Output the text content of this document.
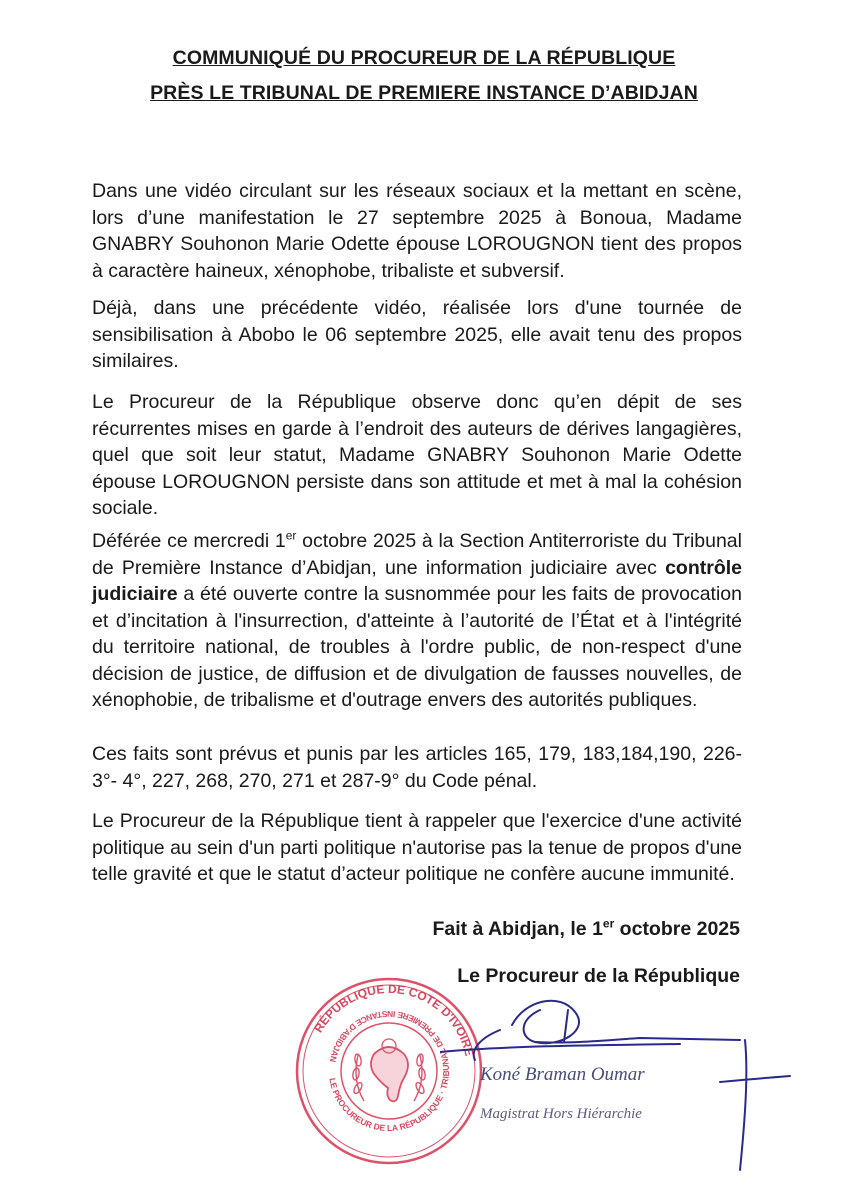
COMMUNIQUÉ DU PROCUREUR DE LA RÉPUBLIQUE
PRÈS LE TRIBUNAL DE PREMIERE INSTANCE D’ABIDJAN

Dans une vidéo circulant sur les réseaux sociaux et la mettant en scène, lors d’une manifestation le 27 septembre 2025 à Bonoua, Madame GNABRY Souhonon Marie Odette épouse LOROUGNON tient des propos à caractère haineux, xénophobe, tribaliste et subversif.

Déjà, dans une précédente vidéo, réalisée lors d'une tournée de sensibilisation à Abobo le 06 septembre 2025, elle avait tenu des propos similaires.

Le Procureur de la République observe donc qu’en dépit de ses récurrentes mises en garde à l’endroit des auteurs de dérives langagières, quel que soit leur statut, Madame GNABRY Souhonon Marie Odette épouse LOROUGNON persiste dans son attitude et met à mal la cohésion sociale.

Déférée ce mercredi 1er octobre 2025 à la Section Antiterroriste du Tribunal de Première Instance d’Abidjan, une information judiciaire avec contrôle judiciaire a été ouverte contre la susnommée pour les faits de provocation et d’incitation à l'insurrection, d'atteinte à l’autorité de l’État et à l'intégrité du territoire national, de troubles à l'ordre public, de non-respect d'une décision de justice, de diffusion et de divulgation de fausses nouvelles, de xénophobie, de tribalisme et d'outrage envers des autorités publiques.

Ces faits sont prévus et punis par les articles 165, 179, 183,184,190, 226-3°- 4°, 227, 268, 270, 271 et 287-9° du Code pénal.

Le Procureur de la République tient à rappeler que l'exercice d'une activité politique au sein d'un parti politique n'autorise pas la tenue de propos d'une telle gravité et que le statut d’acteur politique ne confère aucune immunité.

Fait à Abidjan, le 1er octobre 2025
Le Procureur de la République
RÉPUBLIQUE DE COTE D'IVOIRE
LE PROCUREUR DE LA RÉPUBLIQUE · TRIBUNAL DE PREMIERE INSTANCE D'ABIDJAN
Koné Braman Oumar
Magistrat Hors Hiérarchie
